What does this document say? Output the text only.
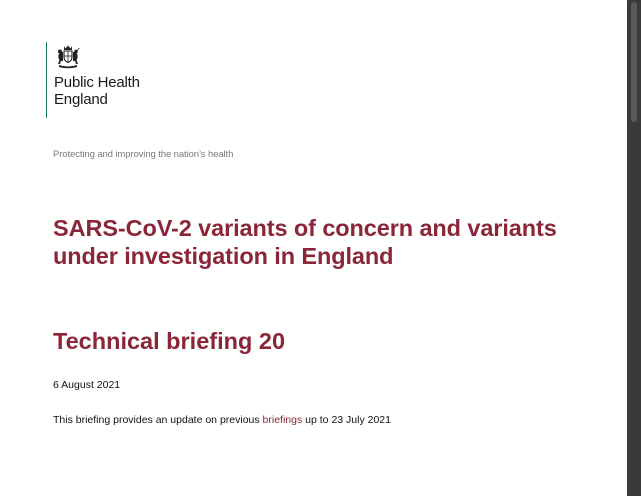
Public Health
England
Protecting and improving the nation’s health
SARS-CoV-2 variants of concern and variants under investigation in England
Technical briefing 20
6 August 2021
This briefing provides an update on previous briefings up to 23 July 2021
